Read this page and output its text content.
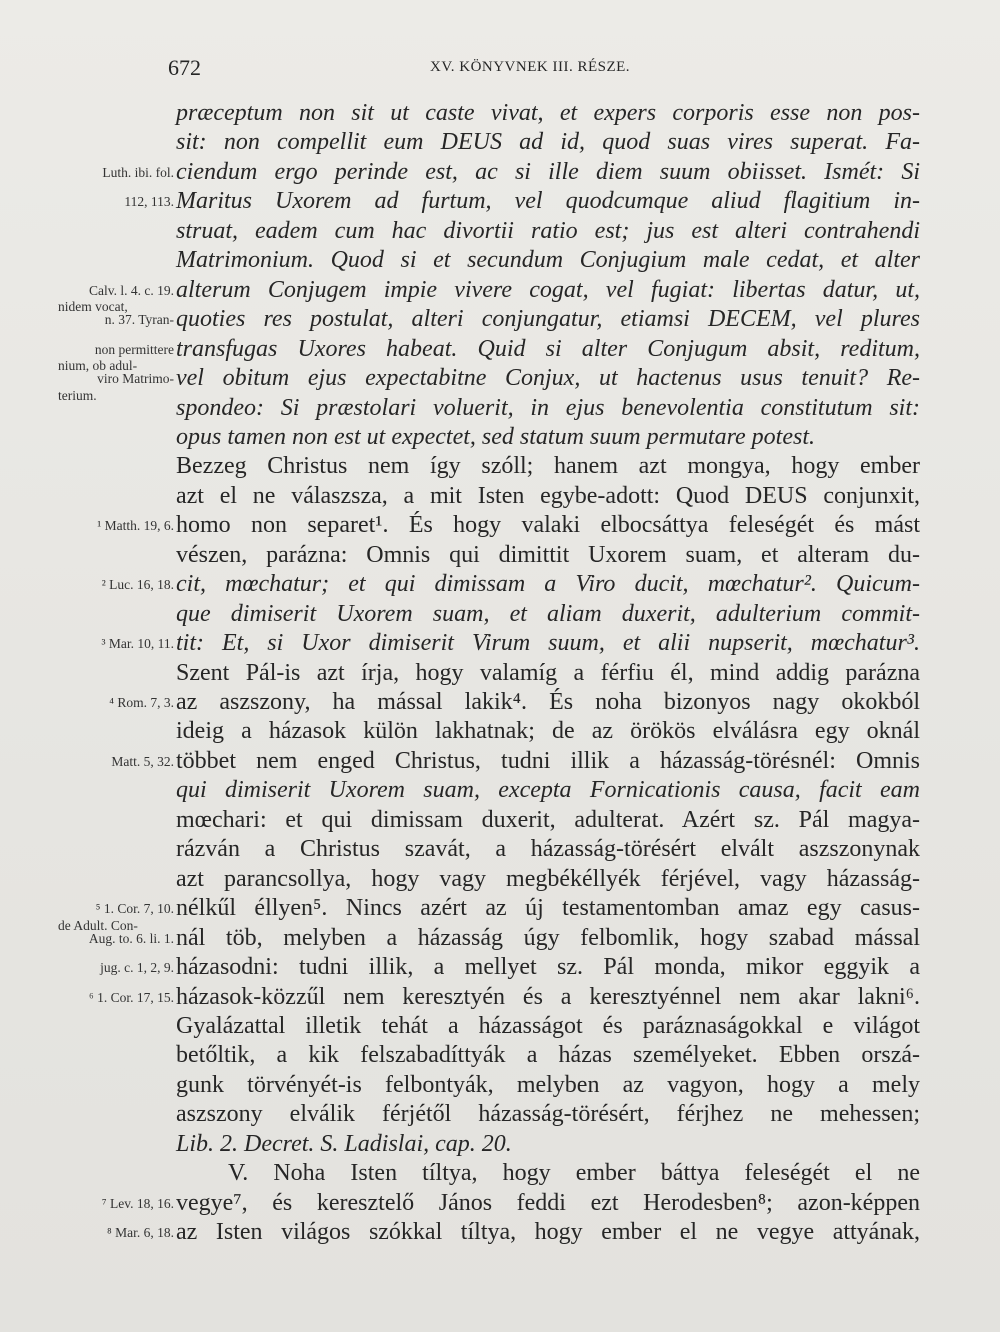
672	XV. KÖNYVNEK III. RÉSZE.
præceptum non sit ut caste vivat, et expers corporis esse non pos-
sit: non compellit eum DEUS ad id, quod suas vires superat. Fa-
ciendum ergo perinde est, ac si ille diem suum obiisset. Ismét: Si
Luth. ibi. fol.
Maritus Uxorem ad furtum, vel quodcumque aliud flagitium in-
112, 113.
struat, eadem cum hac divortii ratio est; jus est alteri contrahendi
Matrimonium. Quod si et secundum Conjugium male cedat, et alter
alterum Conjugem impie vivere cogat, vel fugiat: libertas datur, ut,
Calv. l. 4. c. 19.
quoties res postulat, alteri conjungatur, etiamsi DECEM, vel plures
n. 37. Tyran-
transfugas Uxores habeat. Quid si alter Conjugum absit, reditum,
non permittere
vel obitum ejus expectabitne Conjux, ut hactenus usus tenuit? Re-
viro Matrimo-
spondeo: Si præstolari voluerit, in ejus benevolentia constitutum sit:
opus tamen non est ut expectet, sed statum suum permutare potest.
Bezzeg Christus nem így szóll; hanem azt mongya, hogy ember
azt el ne válaszsza, a mit Isten egybe-adott: Quod DEUS conjunxit,
homo non separet¹. És hogy valaki elbocsáttya feleségét és mást
¹ Matth. 19, 6.
vészen, parázna: Omnis qui dimittit Uxorem suam, et alteram du-
cit, mœchatur; et qui dimissam a Viro ducit, mœchatur². Quicum-
² Luc. 16, 18.
que dimiserit Uxorem suam, et aliam duxerit, adulterium commit-
tit: Et, si Uxor dimiserit Virum suum, et alii nupserit, mœchatur³.
³ Mar. 10, 11.
Szent Pál-is azt írja, hogy valamíg a férfiu él, mind addig parázna
az aszszony, ha mással lakik⁴. És noha bizonyos nagy okokból
⁴ Rom. 7, 3.
ideig a házasok külön lakhatnak; de az örökös elválásra egy oknál
többet nem enged Christus, tudni illik a házasság-törésnél: Omnis
Matt. 5, 32.
qui dimiserit Uxorem suam, excepta Fornicationis causa, facit eam
mœchari: et qui dimissam duxerit, adulterat. Azért sz. Pál magya-
rázván a Christus szavát, a házasság-törésért elvált aszszonynak
azt parancsollya, hogy vagy megbékéllyék férjével, vagy házasság-
nélkűl éllyen⁵. Nincs azért az új testamentomban amaz egy casus-
⁵ 1. Cor. 7, 10.
nál töb, melyben a házasság úgy felbomlik, hogy szabad mással
Aug. to. 6. li. 1.
házasodni: tudni illik, a mellyet sz. Pál monda, mikor eggyik a
jug. c. 1, 2, 9.
házasok-közzűl nem keresztyén és a keresztyénnel nem akar lakni⁶.
⁶ 1. Cor. 17, 15.
Gyalázattal illetik tehát a házasságot és paráznaságokkal e világot
betőltik, a kik felszabadíttyák a házas személyeket. Ebben orszá-
gunk törvényét-is felbontyák, melyben az vagyon, hogy a mely
aszszony elválik férjétől házasság-törésért, férjhez ne mehessen;
Lib. 2. Decret. S. Ladislai, cap. 20.
V. Noha Isten tíltya, hogy ember báttya feleségét el ne
vegye⁷, és keresztelő János feddi ezt Herodesben⁸; azon-képpen
⁷ Lev. 18, 16.
az Isten világos szókkal tíltya, hogy ember el ne vegye attyának,
⁸ Mar. 6, 18.
nidem vocat,
nium, ob adul-
terium.
de Adult. Con-
